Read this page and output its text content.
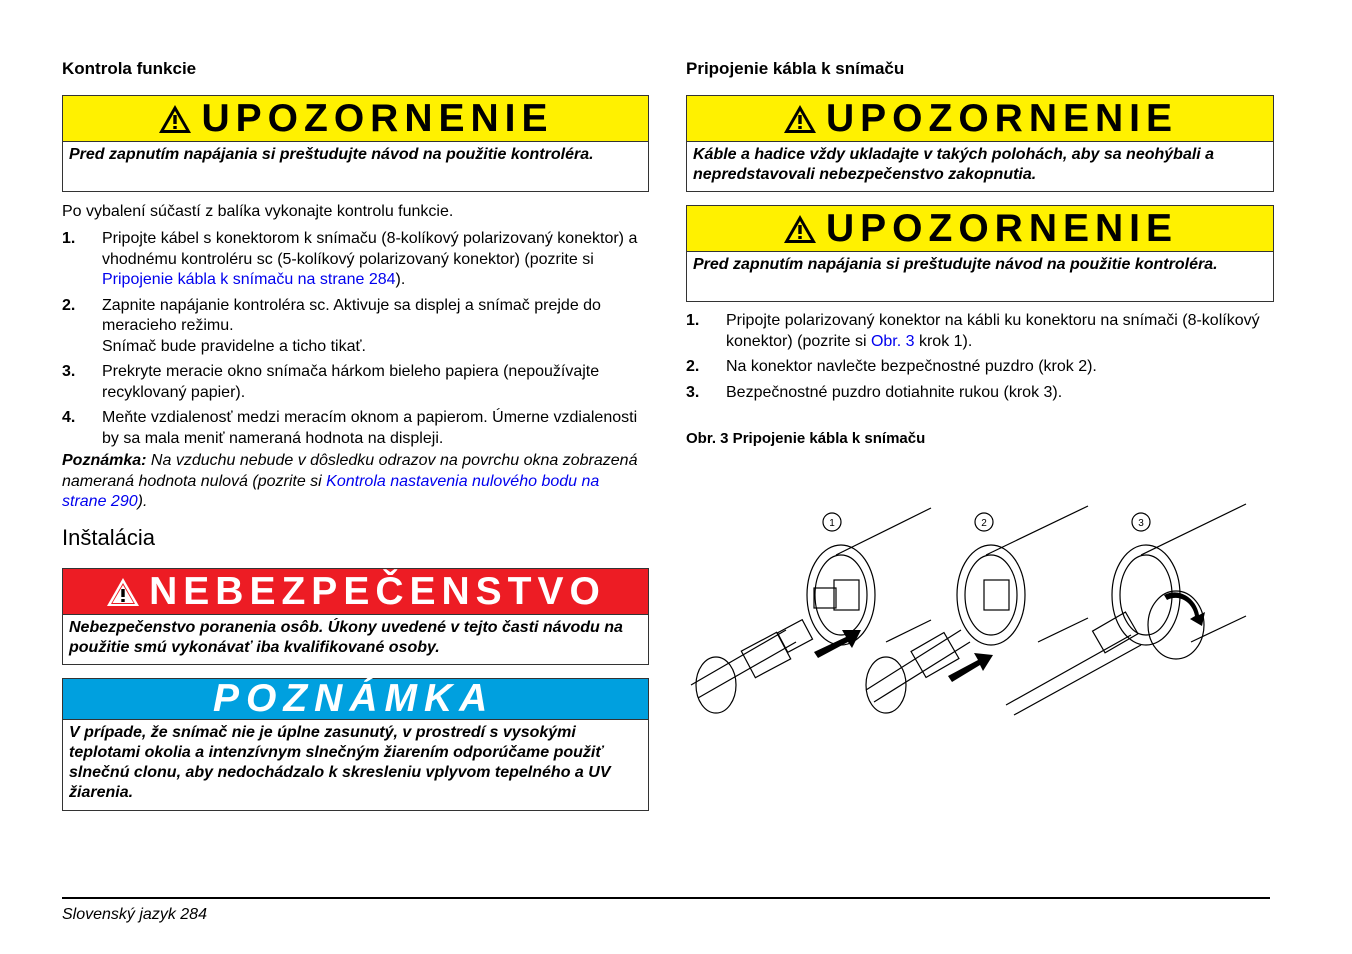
Kontrola funkcie
UPOZORNENIE
Pred zapnutím napájania si preštudujte návod na použitie kontroléra.
Po vybalení súčastí z balíka vykonajte kontrolu funkcie.
1. Pripojte kábel s konektorom k snímaču (8-kolíkový polarizovaný konektor) a vhodnému kontroléru sc (5-kolíkový polarizovaný konektor) (pozrite si Pripojenie kábla k snímaču na strane 284).
2. Zapnite napájanie kontroléra sc. Aktivuje sa displej a snímač prejde do meracieho režimu.
Snímač bude pravidelne a ticho tikať.
3. Prekryte meracie okno snímača hárkom bieleho papiera (nepoužívajte recyklovaný papier).
4. Meňte vzdialenosť medzi meracím oknom a papierom. Úmerne vzdialenosti by sa mala meniť nameraná hodnota na displeji.
Poznámka: Na vzduchu nebude v dôsledku odrazov na povrchu okna zobrazená nameraná hodnota nulová (pozrite si Kontrola nastavenia nulového bodu na strane 290).
Inštalácia
NEBEZPEČENSTVO
Nebezpečenstvo poranenia osôb. Úkony uvedené v tejto časti návodu na použitie smú vykonávať iba kvalifikované osoby.
POZNÁMKA
V prípade, že snímač nie je úplne zasunutý, v prostredí s vysokými teplotami okolia a intenzívnym slnečným žiarením odporúčame použiť slnečnú clonu, aby nedochádzalo k skresleniu vplyvom tepelného a UV žiarenia.
Pripojenie kábla k snímaču
UPOZORNENIE
Káble a hadice vždy ukladajte v takých polohách, aby sa neohýbali a nepredstavovali nebezpečenstvo zakopnutia.
UPOZORNENIE
Pred zapnutím napájania si preštudujte návod na použitie kontroléra.
1. Pripojte polarizovaný konektor na kábli ku konektoru na snímači (8-kolíkový konektor) (pozrite si Obr. 3 krok 1).
2. Na konektor navlečte bezpečnostné puzdro (krok 2).
3. Bezpečnostné puzdro dotiahnite rukou (krok 3).
Obr. 3 Pripojenie kábla k snímaču
1	2	3
Slovenský jazyk 284
